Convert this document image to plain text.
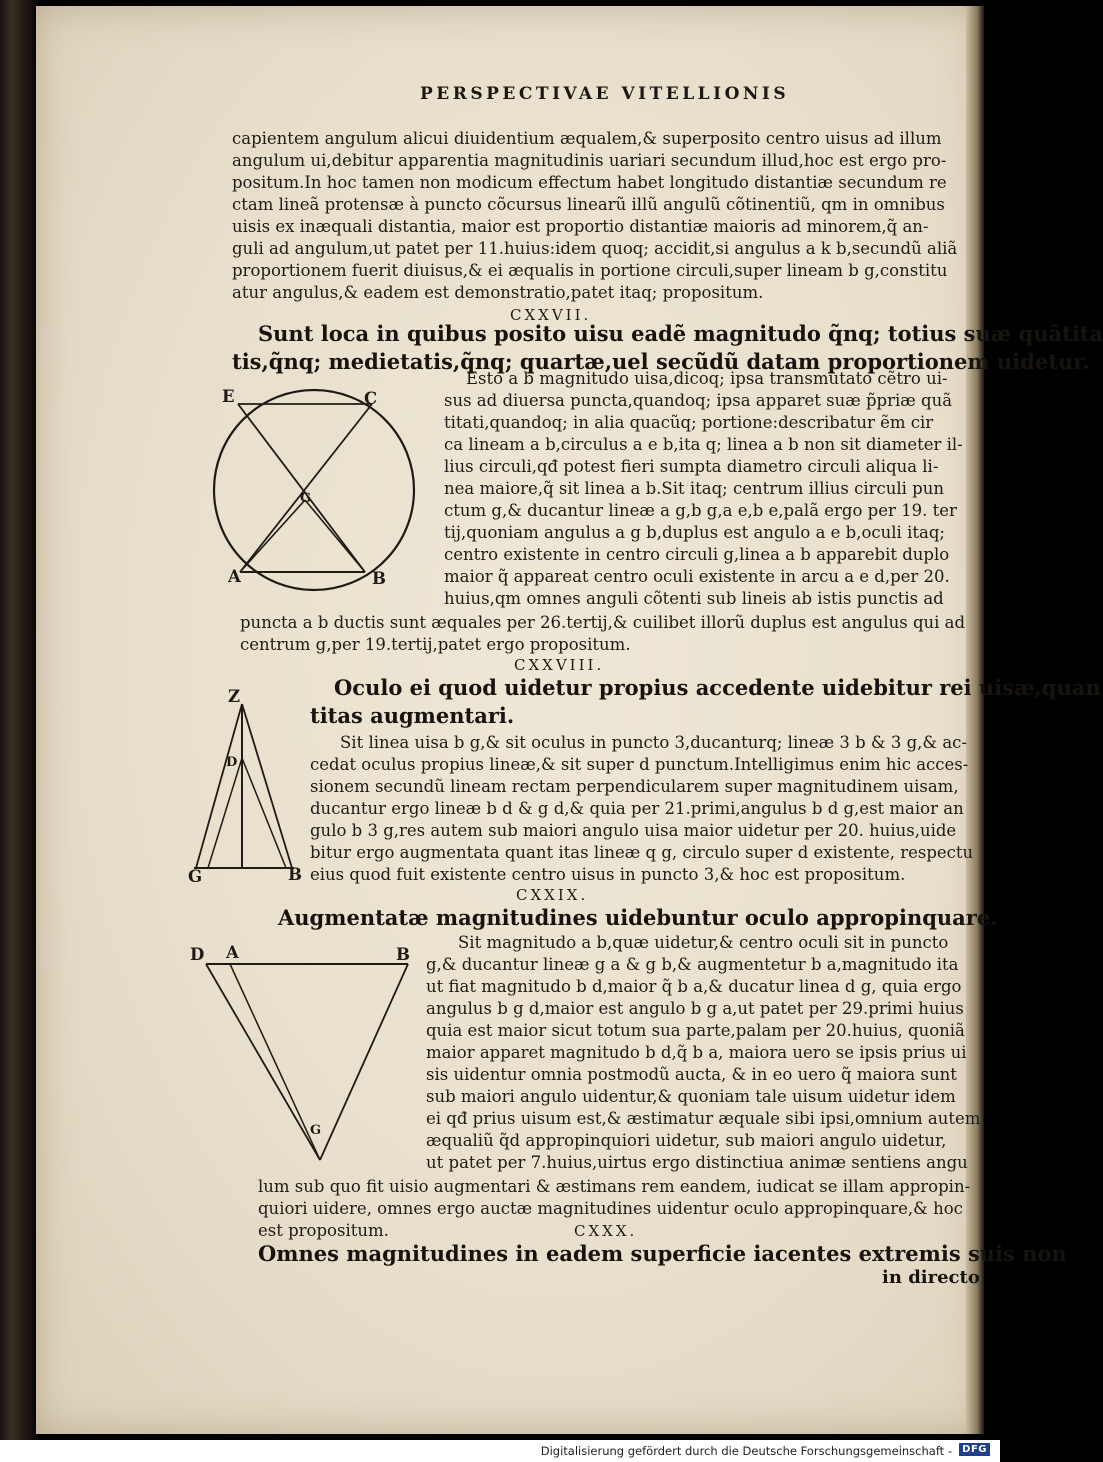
PERSPECTIVAE VITELLIONIS
capientem angulum alicui diuidentium æqualem,& superposito centro uisus ad illum
angulum ui,debitur apparentia magnitudinis uariari secundum illud,hoc est ergo pro-
positum.In hoc tamen non modicum effectum habet longitudo distantiæ secundum re
ctam lineã protensæ à puncto cõcursus linearũ illũ angulũ cõtinentiũ, qm in omnibus
uisis ex inæquali distantia, maior est proportio distantiæ maioris ad minorem,q̃ an-
guli ad angulum,ut patet per 11.huius:idem quoq; accidit,si angulus a k b,secundũ aliã
proportionem fuerit diuisus,& ei æqualis in portione circuli,super lineam b g,constitu
atur angulus,& eadem est demonstratio,patet itaq; propositum.
CXXVII.
Sunt loca in quibus posito uisu eadẽ magnitudo q̃nq; totius suæ quãtita
tis,q̃nq; medietatis,q̃nq; quartæ,uel secũdũ datam proportionem uidetur.
E	C
G
A	B
Esto a b magnitudo uisa,dicoq; ipsa transmutato cẽtro ui-
sus ad diuersa puncta,quandoq; ipsa apparet suæ p̃priæ quã
titati,quandoq; in alia quacũq; portione:describatur ẽm cir
ca lineam a b,circulus a e b,ita q; linea a b non sit diameter il-
lius circuli,qđ potest fieri sumpta diametro circuli aliqua li-
nea maiore,q̃ sit linea a b.Sit itaq; centrum illius circuli pun
ctum g,& ducantur lineæ a g,b g,a e,b e,palã ergo per 19. ter
tij,quoniam angulus a g b,duplus est angulo a e b,oculi itaq;
centro existente in centro circuli g,linea a b apparebit duplo
maior q̃ appareat centro oculi existente in arcu a e d,per 20.
huius,qm omnes anguli cõtenti sub lineis ab istis punctis ad
puncta a b ductis sunt æquales per 26.tertij,& cuilibet illorũ duplus est angulus qui ad
centrum g,per 19.tertij,patet ergo propositum.
CXXVIII.
Oculo ei quod uidetur propius accedente uidebitur rei uisæ,quan
titas augmentari.
Z
D
G	B
Sit linea uisa b g,& sit oculus in puncto 3,ducanturq; lineæ 3 b & 3 g,& ac-
cedat oculus propius lineæ,& sit super d punctum.Intelligimus enim hic acces-
sionem secundũ lineam rectam perpendicularem super magnitudinem uisam,
ducantur ergo lineæ b d & g d,& quia per 21.primi,angulus b d g,est maior an
gulo b 3 g,res autem sub maiori angulo uisa maior uidetur per 20. huius,uide
bitur ergo augmentata quant itas lineæ q g, circulo super d existente, respectu
eius quod fuit existente centro uisus in puncto 3,& hoc est propositum.
CXXIX.
Augmentatæ magnitudines uidebuntur oculo appropinquare.
D A	B
G
Sit magnitudo a b,quæ uidetur,& centro oculi sit in puncto
g,& ducantur lineæ g a & g b,& augmentetur b a,magnitudo ita
ut fiat magnitudo b d,maior q̃ b a,& ducatur linea d g, quia ergo
angulus b g d,maior est angulo b g a,ut patet per 29.primi huius
quia est maior sicut totum sua parte,palam per 20.huius, quoniã
maior apparet magnitudo b d,q̃ b a, maiora uero se ipsis prius ui
sis uidentur omnia postmodũ aucta, & in eo uero q̃ maiora sunt
sub maiori angulo uidentur,& quoniam tale uisum uidetur idem
ei qđ prius uisum est,& æstimatur æquale sibi ipsi,omnium autem
æqualiũ q̃d appropinquiori uidetur, sub maiori angulo uidetur,
ut patet per 7.huius,uirtus ergo distinctiua animæ sentiens angu
lum sub quo fit uisio augmentari & æstimans rem eandem, iudicat se illam appropin-
quiori uidere, omnes ergo auctæ magnitudines uidentur oculo appropinquare,& hoc
est propositum.	CXXX.
Omnes magnitudines in eadem superficie iacentes extremis suis non
in directo
Digitalisierung gefördert durch die Deutsche Forschungsgemeinschaft -	DFG
